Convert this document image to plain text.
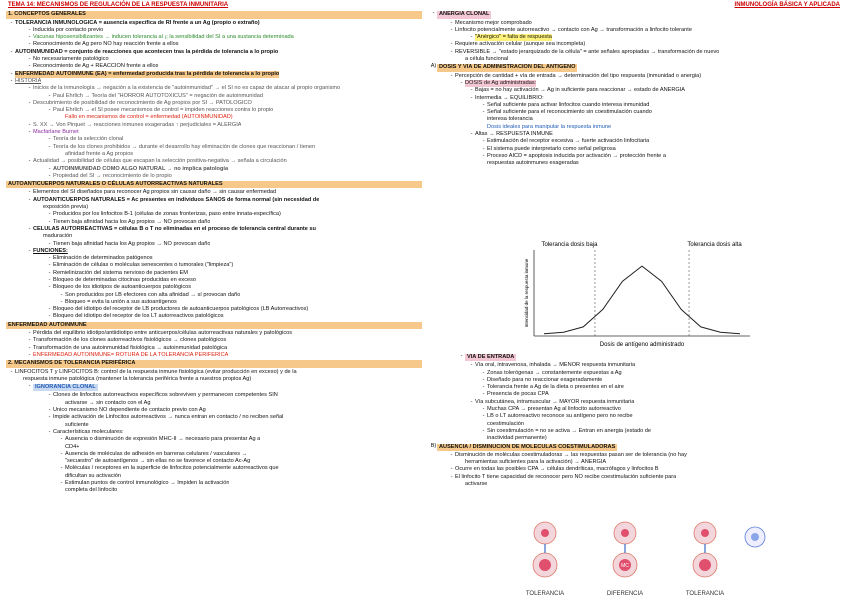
TEMA 14: MECANISMOS DE REGULACIÓN DE LA RESPUESTA INMUNITARIA
1. CONCEPTOS GENERALES
- TOLERANCIA INMUNOLÓGICA = ausencia específica de RI frente a un Ag (propio o extraño)
- Inducida por contacto previo
- Vacunas hiposensibilizantes → inducen tolerancia al ¡; la sensibilidad del SI a una sustancia determinada
- Reconocimiento de Ag pero NO hay reacción frente a ellos
- AUTOINMUNIDAD = conjunto de reacciones que acontecen tras la pérdida de tolerancia a lo propio
- No necesariamente patológico
- Reconocimiento de Ag + REACCIÓN frente a ellos
- ENFERMEDAD AUTOINMUNE (EA) = enfermedad producida tras la pérdida de tolerancia a lo propio
- HISTORIA
- Inicios de la inmunología → negación a la existencia de "autoinmunidad" → el SI no es capaz de atacar al propio organismo
- Paul Ehrlich → Teoría del "HORROR AUTOTOXICUS" = negación de autoinmunidad
- Descubrimiento de posibilidad de reconocimiento de Ag propios por SI → PATOLÓGICO
- Paul Ehrlich → el SI posee mecanismos de control = impiden reacciones contra lo propio
Fallo en mecanismos de control = enfermedad (AUTOINMUNIDAD)
- S. XX → Von Pirquet → reacciones inmunes exageradas ↑ perjudiciales = ALERGIA
- Macfarlane Burnet
- Teoría de la selección clonal
- Teoría de los clones prohibidos → durante el desarrollo hay eliminación de clones que reaccionan / tienen
afinidad frente a Ag propios
- Actualidad → posibilidad de células que escapan la selección positiva-negativa → señala a circulación
- AUTOINMUNIDAD COMO ALGO NATURAL → no implica patología
- Propiedad del SI → reconocimiento de lo propio
AUTOANTICUERPOS NATURALES O CÉLULAS AUTORREACTIVAS NATURALES
- Elementos del SI diseñados para reconocer Ag propios sin causar daño → sin causar enfermedad
- AUTOANTICUERPOS NATURALES = Ac presentes en individuos SANOS de forma normal (sin necesidad de
exposición previa)
- Producidos por los linfocitos B-1 (células de zonas fronterizas, paso entre innata-específica)
- Tienen baja afinidad hacia los Ag propios → NO provocan daño
- CÉLULAS AUTORREACTIVAS = células B o T no eliminadas en el proceso de tolerancia central durante su
maduración
- Tienen baja afinidad hacia los Ag propios → NO provocan daño
- FUNCIONES:
- Eliminación de determinados patógenos
- Eliminación de células o moléculas senescentes o tumorales ("limpieza")
- Remielinización del sistema nervioso de pacientes EM
- Bloqueo de determinadas citocinas producidas en exceso
- Bloqueo de los idiotipos de autoanticuerpos patológicos
- Son producidos por LB efectores con alta afinidad → sí provocan daño
- Bloqueo = evita la unión a sus autoantígenos
- Bloqueo del idiotipo del receptor de LB productores de autoanticuerpos patológicos (LB Autorreactivos)
- Bloqueo del idiotipo del receptor de los LT autorreactivos patológicos
ENFERMEDAD AUTOINMUNE
- Pérdida del equilibrio idiotipo/antiidiotipo entre anticuerpos/células autorreactivas naturales y patológicos
- Transformación de los clones autorreactivos fisiológicos → clones patológicos
- Transformación de una autoinmunidad fisiológica → autoinmunidad patológica
- ENFERMEDAD AUTOINMUNE= ROTURA DE LA TOLERANCIA PERIFÉRICA
2. MECANISMOS DE TOLERANCIA PERIFÉRICA
- LINFOCITOS T y LINFOCITOS B: control de la respuesta inmune fisiológica (evitar producción en exceso) y de la
respuesta inmune patológica (mantener la tolerancia periférica frente a nuestros propios Ag)
- IGNORANCIA CLONAL
- Clones de linfocitos autorreactivos específicos sobreviven y permanecen competentes SIN
activarse → sin contacto con el Ag
- Único mecanismo NO dependiente de contacto previo con Ag
- Impide activación de Linfocitos autorreactivos → nunca entran en contacto / no reciben señal
suficiente
- Características moleculares:
- Ausencia o disminución de expresión MHC-II → necesario para presentar Ag a
CD4+
- Ausencia de moléculas de adhesión en barreras celulares / vasculares →
"secuestro" de autoantígenos → sin ellas no se favorece el contacto Ac-Ag
- Moléculas / receptores en la superficie de linfocitos potencialmente autorreactivos que
dificultan su activación
- Estimulan puntos de control inmunológico → Impiden la activación
completa del linfocito
INMUNOLOGÍA BÁSICA Y APLICADA
- ANERGIA CLONAL
- Mecanismo mejor comprobado
- Linfocito potencialmente autorreactivo → contacto con Ag → transformación a linfocito tolerante
- "Anérgico" = falta de respuesta
- Requiere activación celular (aunque sea incompleta)
- REVERSIBLE → "estado jerarquizado de la célula" = ante señales apropiadas → transformación de nuevo
a célula funcional
A) DOSIS Y VÍA DE ADMINISTRACIÓN DEL ANTÍGENO
- Percepción de cantidad + vía de entrada → determinación del tipo respuesta (inmunidad o anergia)
- DOSIS de Ag administradas:
- Bajas = no hay activación → Ag in suficiente para reaccionar → estado de ANERGIA
- Intermedia → EQUILIBRIO:
- Señal suficiente para activar linfocitos cuando interesa inmunidad
- Señal suficiente para el reconocimiento sin coestimulación cuando
interesa tolerancia
Dosis ideales para manipular la respuesta inmune
- Altas → RESPUESTA INMUNE
- Estimulación del receptor excesiva → fuerte activación linfocitaria
- El sistema puede interpretarlo como señal peligrosa
- Proceso AICD = apoptosis inducida por activación → protección frente a
respuestas autoinmunes exageradas
Tolerancia dosis baja	Tolerancia dosis alta
Dosis de antígeno administrado
Intensidad de la respuesta inmune
- VÍA DE ENTRADA
- Vía oral, intravenosa, inhalada → MENOR respuesta inmunitaria
- Zonas tolerógenas → constantemente expuestas a Ag
- Diseñado para no reaccionar exageradamente
- Tolerancia frente a Ag de la dieta o presentes en el aire
- Presencia de pocas CPA
- Vía subcutánea, intramuscular → MAYOR respuesta inmunitaria
- Muchas CPA → presentan Ag al linfocito autorreactivo
- LB o LT autorreactivo reconoce su antígeno pero no recibe
coestimulación
- Sin coestimulación = no se activa → Entran en anergia (estado de
inactividad permanente)
B) AUSENCIA / DISMINUCIÓN DE MOLÉCULAS COESTIMULADORAS
- Disminución de moléculas coestimuladoras → las respuestas pasan ser de tolerancia (no hay
herramientas suficientes para la activación) → ANERGIA
- Ocurre en todas las posibles CPA → células dendríticas, macrófagos y linfocitos B
- El linfocito T tiene capacidad de reconocer pero NO recibe coestimulación suficiente para
activarse
TOLERANCIA	DIFERENCIA	TOLERANCIA
MC
